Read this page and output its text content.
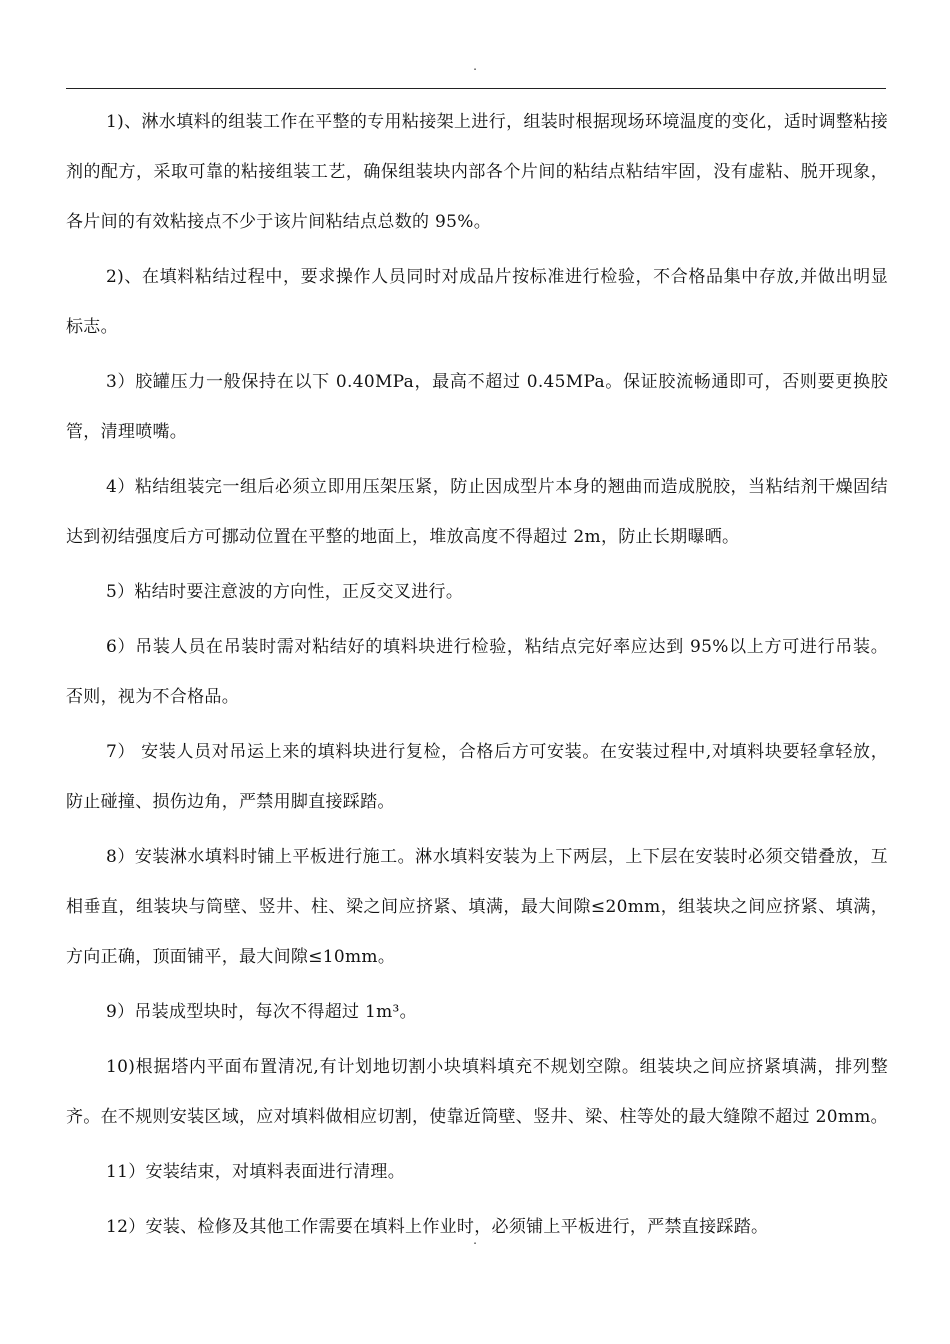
.

1)、淋水填料的组装工作在平整的专用粘接架上进行，组装时根据现场环境温度的变化，适时调整粘接剂的配方，采取可靠的粘接组装工艺，确保组装块内部各个片间的粘结点粘结牢固，没有虚粘、脱开现象，各片间的有效粘接点不少于该片间粘结点总数的 95%。

2)、在填料粘结过程中，要求操作人员同时对成品片按标准进行检验，不合格品集中存放,并做出明显标志。

3）胶罐压力一般保持在以下 0.40MPa，最高不超过 0.45MPa。保证胶流畅通即可，否则要更换胶管，清理喷嘴。

4）粘结组装完一组后必须立即用压架压紧，防止因成型片本身的翘曲而造成脱胶，当粘结剂干燥固结达到初结强度后方可挪动位置在平整的地面上，堆放高度不得超过 2m，防止长期曝晒。

5）粘结时要注意波的方向性，正反交叉进行。

6）吊装人员在吊装时需对粘结好的填料块进行检验，粘结点完好率应达到 95%以上方可进行吊装。否则，视为不合格品。

7） 安装人员对吊运上来的填料块进行复检，合格后方可安装。在安装过程中,对填料块要轻拿轻放，防止碰撞、损伤边角，严禁用脚直接踩踏。

8）安装淋水填料时铺上平板进行施工。淋水填料安装为上下两层，上下层在安装时必须交错叠放，互相垂直，组装块与筒壁、竖井、柱、梁之间应挤紧、填满，最大间隙≤20mm，组装块之间应挤紧、填满，方向正确，顶面铺平，最大间隙≤10mm。

9）吊装成型块时，每次不得超过 1m³。

10)根据塔内平面布置清况,有计划地切割小块填料填充不规划空隙。组装块之间应挤紧填满，排列整齐。在不规则安装区域，应对填料做相应切割，使靠近筒壁、竖井、梁、柱等处的最大缝隙不超过 20mm。

11）安装结束，对填料表面进行清理。

12）安装、检修及其他工作需要在填料上作业时，必须铺上平板进行，严禁直接踩踏。

.
